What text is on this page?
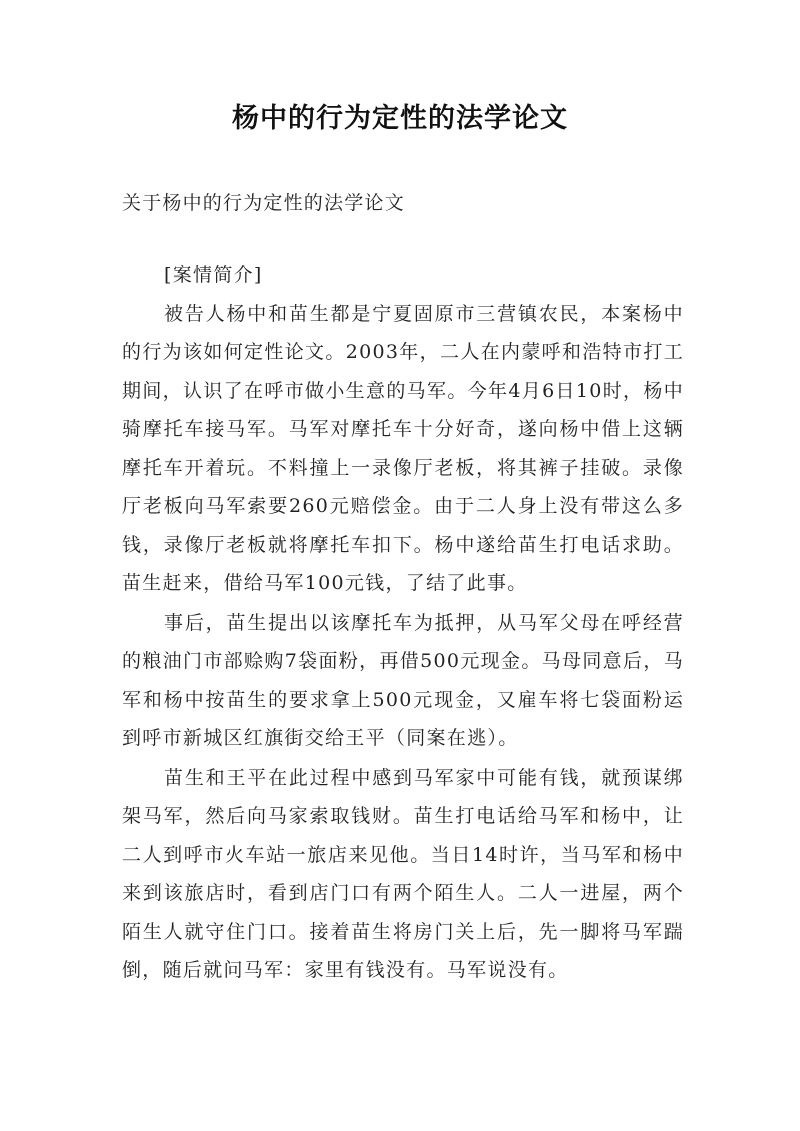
杨中的行为定性的法学论文
关于杨中的行为定性的法学论文

[案情简介]

被告人杨中和苗生都是宁夏固原市三营镇农民，本案杨中的行为该如何定性论文。2003年，二人在内蒙呼和浩特市打工期间，认识了在呼市做小生意的马军。今年4月6日10时，杨中骑摩托车接马军。马军对摩托车十分好奇，遂向杨中借上这辆摩托车开着玩。不料撞上一录像厅老板，将其裤子挂破。录像厅老板向马军索要260元赔偿金。由于二人身上没有带这么多钱，录像厅老板就将摩托车扣下。杨中遂给苗生打电话求助。苗生赶来，借给马军100元钱，了结了此事。

事后，苗生提出以该摩托车为抵押，从马军父母在呼经营的粮油门市部赊购7袋面粉，再借500元现金。马母同意后，马军和杨中按苗生的要求拿上500元现金，又雇车将七袋面粉运到呼市新城区红旗街交给王平（同案在逃）。

苗生和王平在此过程中感到马军家中可能有钱，就预谋绑架马军，然后向马家索取钱财。苗生打电话给马军和杨中，让二人到呼市火车站一旅店来见他。当日14时许，当马军和杨中来到该旅店时，看到店门口有两个陌生人。二人一进屋，两个陌生人就守住门口。接着苗生将房门关上后，先一脚将马军踹倒，随后就问马军：家里有钱没有。马军说没有。
